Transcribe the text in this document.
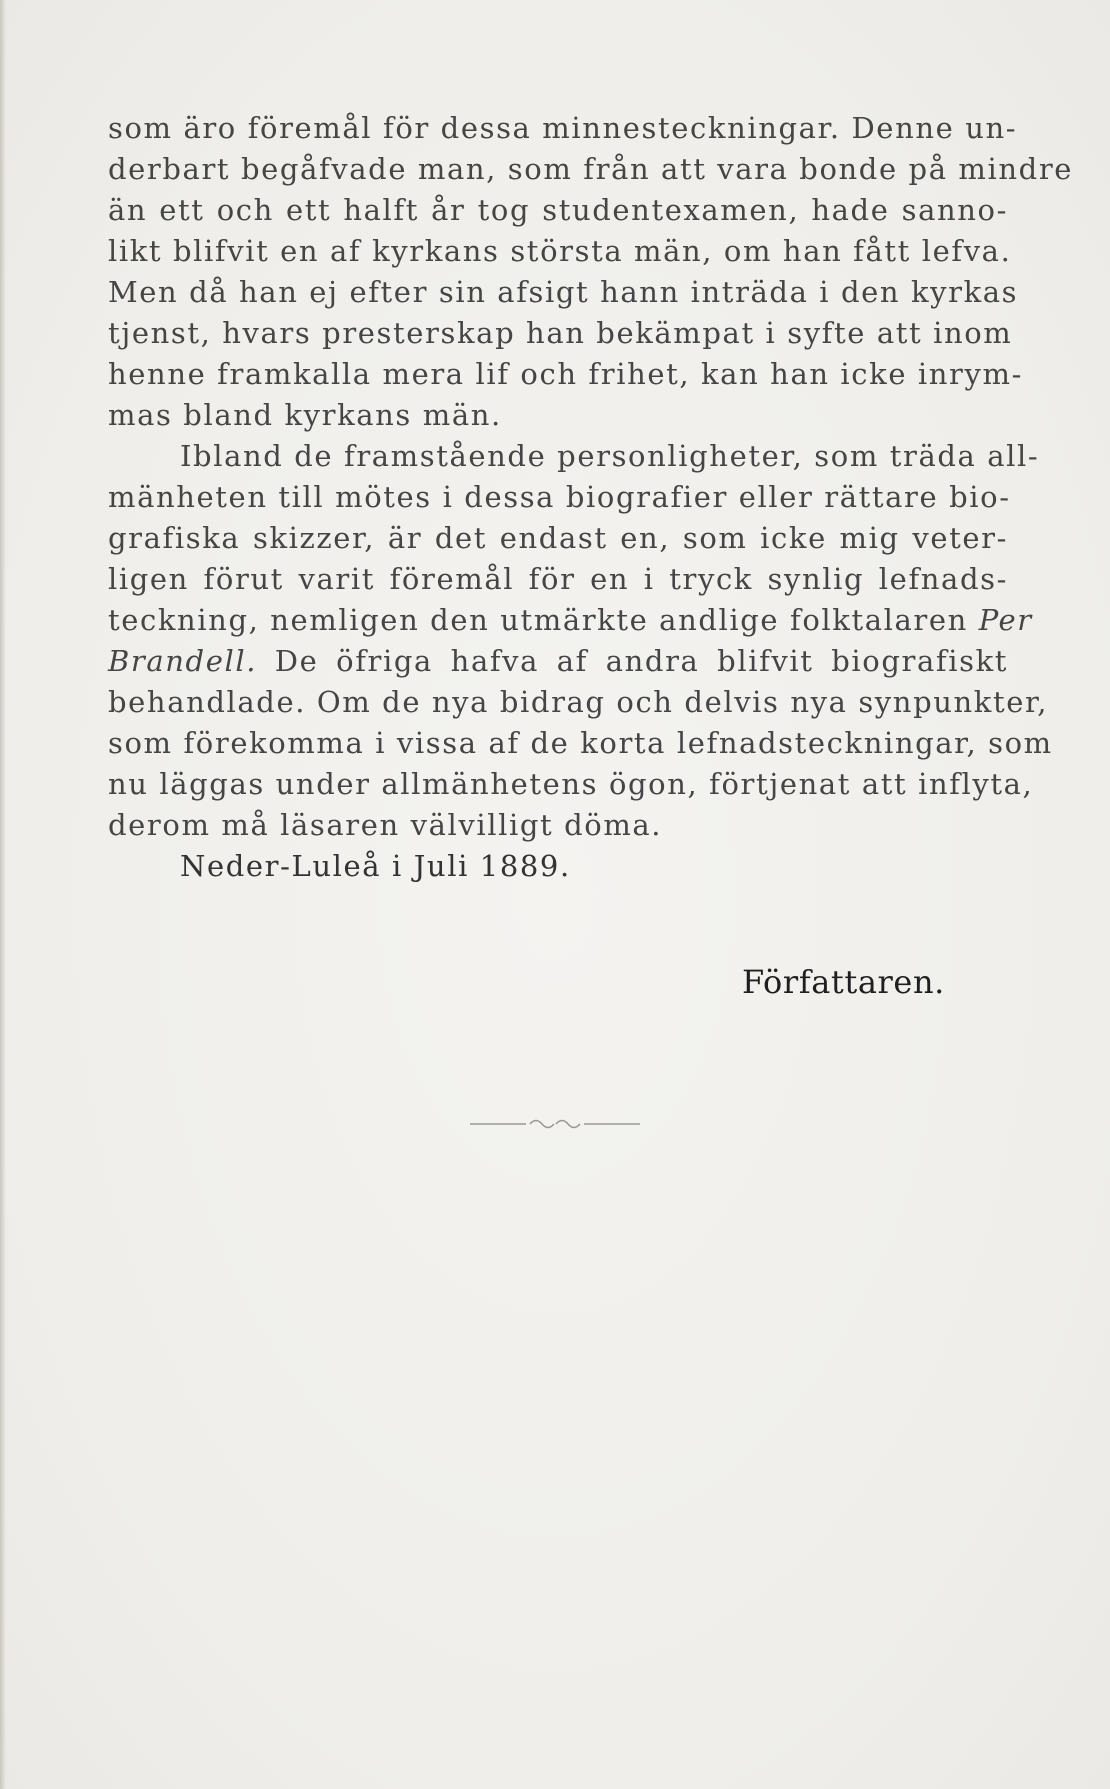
som äro föremål för dessa minnesteckningar. Denne un-
derbart begåfvade man, som från att vara bonde på mindre
än ett och ett halft år tog studentexamen, hade sanno-
likt blifvit en af kyrkans största män, om han fått lefva.
Men då han ej efter sin afsigt hann inträda i den kyrkas
tjenst, hvars presterskap han bekämpat i syfte att inom
henne framkalla mera lif och frihet, kan han icke inrym-
mas bland kyrkans män.
Ibland de framstående personligheter, som träda all-
mänheten till mötes i dessa biografier eller rättare bio-
grafiska skizzer, är det endast en, som icke mig veter-
ligen förut varit föremål för en i tryck synlig lefnads-
teckning, nemligen den utmärkte andlige folktalaren Per
Brandell. De öfriga hafva af andra blifvit biografiskt
behandlade. Om de nya bidrag och delvis nya synpunkter,
som förekomma i vissa af de korta lefnadsteckningar, som
nu läggas under allmänhetens ögon, förtjenat att inflyta,
derom må läsaren välvilligt döma.
Neder-Luleå i Juli 1889.
Författaren.
